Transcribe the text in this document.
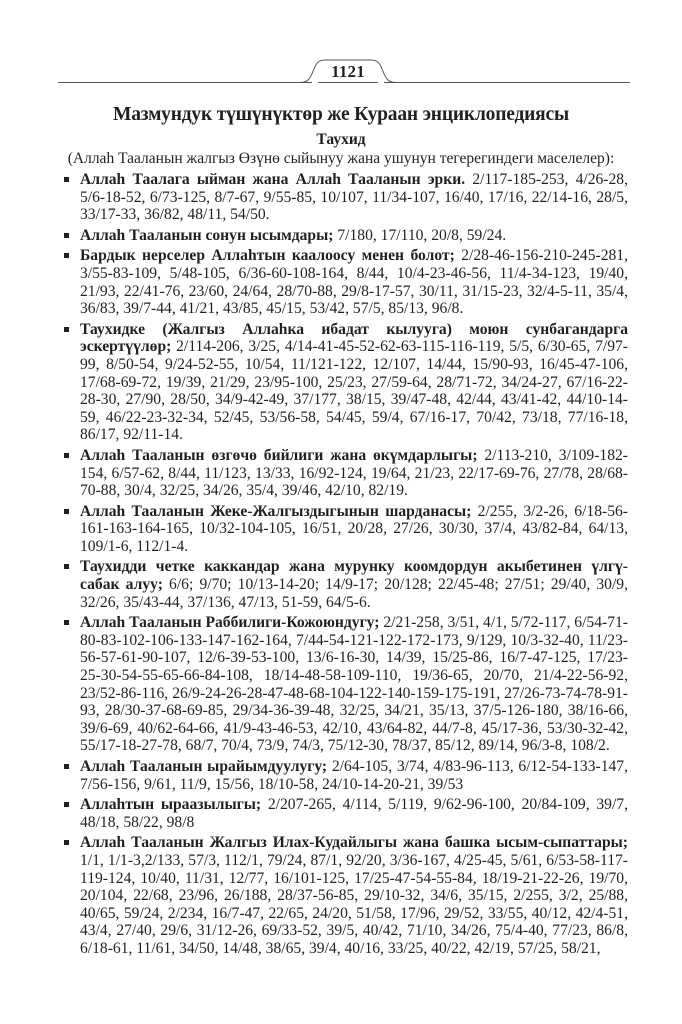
1121
Мазмундук түшүнүктөр же Кураан энциклопедиясы
Таухид
(Аллаһ Тааланын жалгыз Өзүнө сыйынуу жана ушунун тегерегиндеги маселелер):
Аллаһ Таалага ыйман жана Аллаһ Тааланын эрки. 2/117-185-253, 4/26-28, 5/6-18-52, 6/73-125, 8/7-67, 9/55-85, 10/107, 11/34-107, 16/40, 17/16, 22/14-16, 28/5, 33/17-33, 36/82, 48/11, 54/50.
Аллаһ Тааланын сонун ысымдары; 7/180, 17/110, 20/8, 59/24.
Бардык нерселер Аллаһтын каалоосу менен болот; 2/28-46-156-210-245-281, 3/55-83-109, 5/48-105, 6/36-60-108-164, 8/44, 10/4-23-46-56, 11/4-34-123, 19/40, 21/93, 22/41-76, 23/60, 24/64, 28/70-88, 29/8-17-57, 30/11, 31/15-23, 32/4-5-11, 35/4, 36/83, 39/7-44, 41/21, 43/85, 45/15, 53/42, 57/5, 85/13, 96/8.
Таухидке (Жалгыз Аллаһка ибадат кылууга) моюн сунбагандарга эскертүүлөр; 2/114-206, 3/25, 4/14-41-45-52-62-63-115-116-119, 5/5, 6/30-65, 7/97-99, 8/50-54, 9/24-52-55, 10/54, 11/121-122, 12/107, 14/44, 15/90-93, 16/45-47-106, 17/68-69-72, 19/39, 21/29, 23/95-100, 25/23, 27/59-64, 28/71-72, 34/24-27, 67/16-22-28-30, 27/90, 28/50, 34/9-42-49, 37/177, 38/15, 39/47-48, 42/44, 43/41-42, 44/10-14-59, 46/22-23-32-34, 52/45, 53/56-58, 54/45, 59/4, 67/16-17, 70/42, 73/18, 77/16-18, 86/17, 92/11-14.
Аллаһ Тааланын өзгөчө бийлиги жана өкүмдарлыгы; 2/113-210, 3/109-182-154, 6/57-62, 8/44, 11/123, 13/33, 16/92-124, 19/64, 21/23, 22/17-69-76, 27/78, 28/68-70-88, 30/4, 32/25, 34/26, 35/4, 39/46, 42/10, 82/19.
Аллаһ Тааланын Жеке-Жалгыздыгынын шарданасы; 2/255, 3/2-26, 6/18-56-161-163-164-165, 10/32-104-105, 16/51, 20/28, 27/26, 30/30, 37/4, 43/82-84, 64/13, 109/1-6, 112/1-4.
Таухидди четке каккандар жана мурунку коомдордун акыбетинен үлгү-сабак алуу; 6/6; 9/70; 10/13-14-20; 14/9-17; 20/128; 22/45-48; 27/51; 29/40, 30/9, 32/26, 35/43-44, 37/136, 47/13, 51-59, 64/5-6.
Аллаһ Тааланын Раббилиги-Кожоюндугу; 2/21-258, 3/51, 4/1, 5/72-117, 6/54-71-80-83-102-106-133-147-162-164, 7/44-54-121-122-172-173, 9/129, 10/3-32-40, 11/23-56-57-61-90-107, 12/6-39-53-100, 13/6-16-30, 14/39, 15/25-86, 16/7-47-125, 17/23-25-30-54-55-65-66-84-108, 18/14-48-58-109-110, 19/36-65, 20/70, 21/4-22-56-92, 23/52-86-116, 26/9-24-26-28-47-48-68-104-122-140-159-175-191, 27/26-73-74-78-91-93, 28/30-37-68-69-85, 29/34-36-39-48, 32/25, 34/21, 35/13, 37/5-126-180, 38/16-66, 39/6-69, 40/62-64-66, 41/9-43-46-53, 42/10, 43/64-82, 44/7-8, 45/17-36, 53/30-32-42, 55/17-18-27-78, 68/7, 70/4, 73/9, 74/3, 75/12-30, 78/37, 85/12, 89/14, 96/3-8, 108/2.
Аллаһ Тааланын ырайымдуулугу; 2/64-105, 3/74, 4/83-96-113, 6/12-54-133-147, 7/56-156, 9/61, 11/9, 15/56, 18/10-58, 24/10-14-20-21, 39/53
Аллаһтын ыраазылыгы; 2/207-265, 4/114, 5/119, 9/62-96-100, 20/84-109, 39/7, 48/18, 58/22, 98/8
Аллаһ Тааланын Жалгыз Илах-Кудайлыгы жана башка ысым-сыпаттары; 1/1, 1/1-3,2/133, 57/3, 112/1, 79/24, 87/1, 92/20, 3/36-167, 4/25-45, 5/61, 6/53-58-117-119-124, 10/40, 11/31, 12/77, 16/101-125, 17/25-47-54-55-84, 18/19-21-22-26, 19/70, 20/104, 22/68, 23/96, 26/188, 28/37-56-85, 29/10-32, 34/6, 35/15, 2/255, 3/2, 25/88, 40/65, 59/24, 2/234, 16/7-47, 22/65, 24/20, 51/58, 17/96, 29/52, 33/55, 40/12, 42/4-51, 43/4, 27/40, 29/6, 31/12-26, 69/33-52, 39/5, 40/42, 71/10, 34/26, 75/4-40, 77/23, 86/8, 6/18-61, 11/61, 34/50, 14/48, 38/65, 39/4, 40/16, 33/25, 40/22, 42/19, 57/25, 58/21,
